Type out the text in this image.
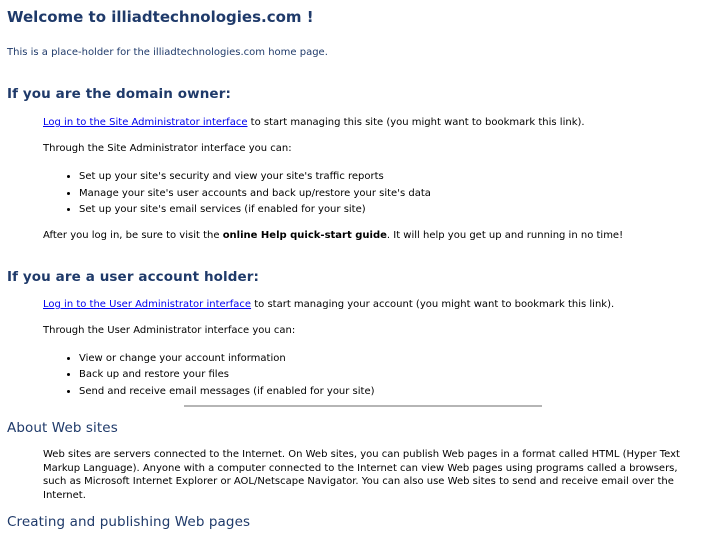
Welcome to illiadtechnologies.com !
This is a place-holder for the illiadtechnologies.com home page.
If you are the domain owner:

Log in to the Site Administrator interface to start managing this site (you might want to bookmark this link).

Through the Site Administrator interface you can:

• Set up your site's security and view your site's traffic reports
• Manage your site's user accounts and back up/restore your site's data
• Set up your site's email services (if enabled for your site)

After you log in, be sure to visit the online Help quick-start guide. It will help you get up and running in no time!

If you are a user account holder:

Log in to the User Administrator interface to start managing your account (you might want to bookmark this link).

Through the User Administrator interface you can:

• View or change your account information
• Back up and restore your files
• Send and receive email messages (if enabled for your site)
About Web sites
Web sites are servers connected to the Internet. On Web sites, you can publish Web pages in a format called HTML (Hyper Text Markup Language). Anyone with a computer connected to the Internet can view Web pages using programs called a browsers, such as Microsoft Internet Explorer or AOL/Netscape Navigator. You can also use Web sites to send and receive email over the Internet.
Creating and publishing Web pages
